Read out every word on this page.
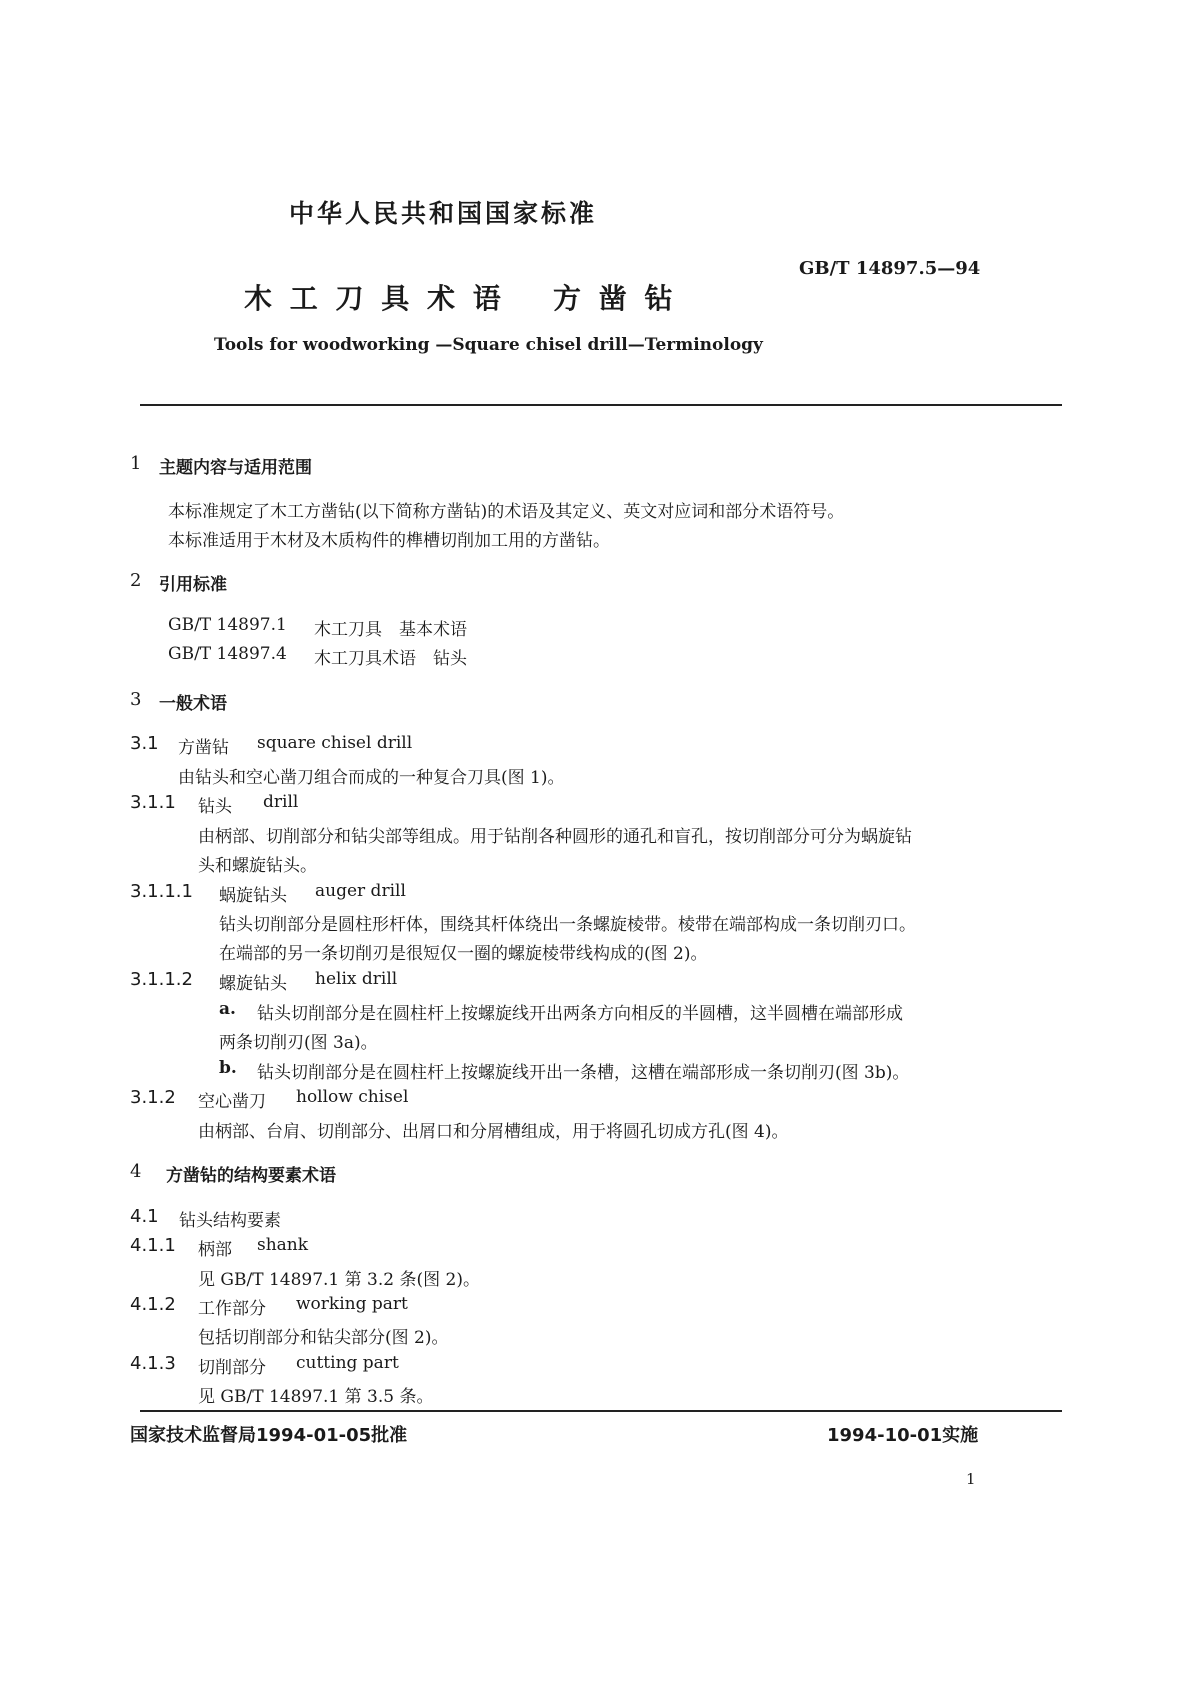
中华人民共和国国家标准
GB/T 14897.5—94
木 工 刀 具 术 语 方 凿 钻
Tools for woodworking —Square chisel drill—Terminology
1 主题内容与适用范围
本标准规定了木工方凿钻(以下简称方凿钻)的术语及其定义、英文对应词和部分术语符号。
本标准适用于木材及木质构件的榫槽切削加工用的方凿钻。
2 引用标准
GB/T 14897.1 木工刀具　基本术语
GB/T 14897.4 木工刀具术语　钻头
3 一般术语
3.1 方凿钻 square chisel drill
由钻头和空心凿刀组合而成的一种复合刀具(图 1)。
3.1.1 钻头 drill
由柄部、切削部分和钻尖部等组成。用于钻削各种圆形的通孔和盲孔，按切削部分可分为蜗旋钻
头和螺旋钻头。
3.1.1.1 蜗旋钻头 auger drill
钻头切削部分是圆柱形杆体，围绕其杆体绕出一条螺旋棱带。棱带在端部构成一条切削刃口。
在端部的另一条切削刃是很短仅一圈的螺旋棱带线构成的(图 2)。
3.1.1.2 螺旋钻头 helix drill
a. 钻头切削部分是在圆柱杆上按螺旋线开出两条方向相反的半圆槽，这半圆槽在端部形成
两条切削刃(图 3a)。
b. 钻头切削部分是在圆柱杆上按螺旋线开出一条槽，这槽在端部形成一条切削刃(图 3b)。
3.1.2 空心凿刀 hollow chisel
由柄部、台肩、切削部分、出屑口和分屑槽组成，用于将圆孔切成方孔(图 4)。
4 方凿钻的结构要素术语
4.1 钻头结构要素
4.1.1 柄部 shank
见 GB/T 14897.1 第 3.2 条(图 2)。
4.1.2 工作部分 working part
包括切削部分和钻尖部分(图 2)。
4.1.3 切削部分 cutting part
见 GB/T 14897.1 第 3.5 条。
国家技术监督局1994-01-05批准	1994-10-01实施
1
